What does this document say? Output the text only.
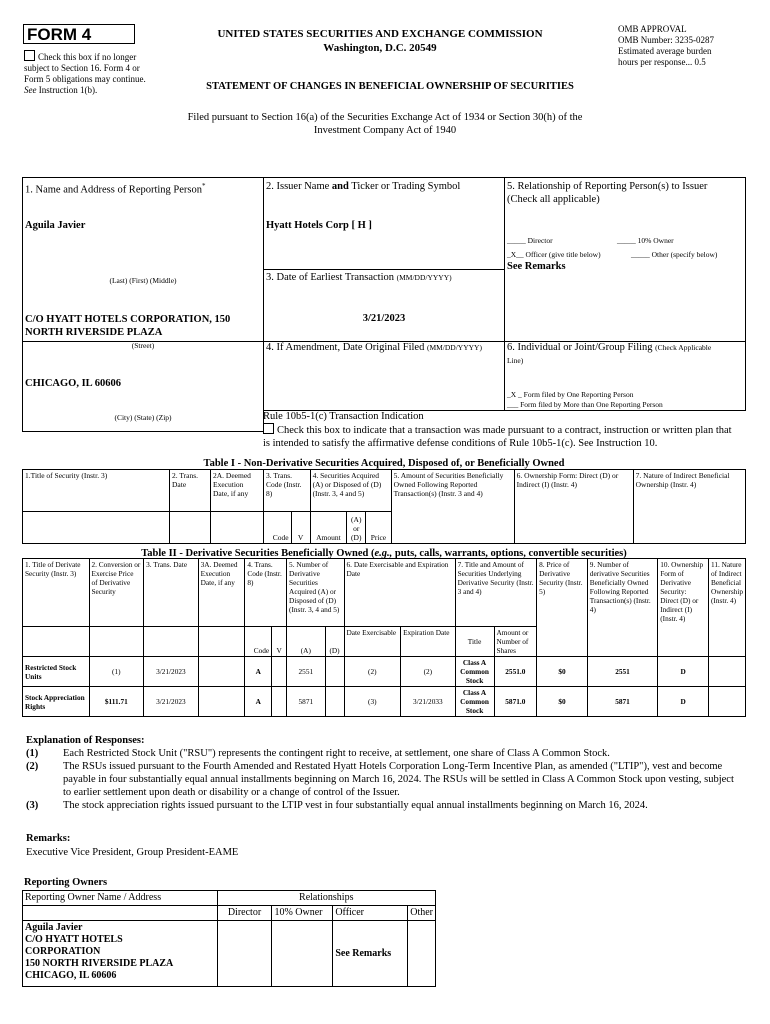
FORM 4
Check this box if no longer subject to Section 16. Form 4 or Form 5 obligations may continue. See Instruction 1(b).
UNITED STATES SECURITIES AND EXCHANGE COMMISSION
Washington, D.C. 20549
OMB APPROVAL
OMB Number: 3235-0287
Estimated average burden
hours per response... 0.5
STATEMENT OF CHANGES IN BENEFICIAL OWNERSHIP OF SECURITIES
Filed pursuant to Section 16(a) of the Securities Exchange Act of 1934 or Section 30(h) of the
Investment Company Act of 1940
1. Name and Address of Reporting Person*
Aguila Javier
(Last) (First) (Middle)
C/O HYATT HOTELS CORPORATION, 150 NORTH RIVERSIDE PLAZA
(Street)
CHICAGO, IL 60606
(City) (State) (Zip)
2. Issuer Name and Ticker or Trading Symbol
Hyatt Hotels Corp [ H ]
3. Date of Earliest Transaction (MM/DD/YYYY)
3/21/2023
4. If Amendment, Date Original Filed (MM/DD/YYYY)
Rule 10b5-1(c) Transaction Indication
Check this box to indicate that a transaction was made pursuant to a contract, instruction or written plan that is intended to satisfy the affirmative defense conditions of Rule 10b5-1(c). See Instruction 10.
5. Relationship of Reporting Person(s) to Issuer
(Check all applicable)
_____ Director	_____ 10% Owner
_X__ Officer (give title below)	_____ Other (specify below)
See Remarks
6. Individual or Joint/Group Filing (Check Applicable
Line)
_X _ Form filed by One Reporting Person
___ Form filed by More than One Reporting Person
Table I - Non-Derivative Securities Acquired, Disposed of, or Beneficially Owned
1.Title of Security (Instr. 3)	2. Trans. Date	2A. Deemed Execution Date, if any	3. Trans. Code (Instr. 8)		4. Securities Acquired (A) or Disposed of (D) (Instr. 3, 4 and 5)			5. Amount of Securities Beneficially Owned Following Reported Transaction(s) (Instr. 3 and 4)	6. Ownership Form: Direct (D) or Indirect (I) (Instr. 4)	7. Nature of Indirect Beneficial Ownership (Instr. 4)
			Code	V	Amount	(A) or (D)	Price			
Table II - Derivative Securities Beneficially Owned (e.g., puts, calls, warrants, options, convertible securities)
1. Title of Derivate Security (Instr. 3)	2. Conversion or Exercise Price of Derivative Security	3. Trans. Date	3A. Deemed Execution Date, if any	4. Trans. Code (Instr. 8)		5. Number of Derivative Securities Acquired (A) or Disposed of (D) (Instr. 3, 4 and 5)		6. Date Exercisable and Expiration Date		7. Title and Amount of Securities Underlying Derivative Security (Instr. 3 and 4)		8. Price of Derivative Security (Instr. 5)	9. Number of derivative Securities Beneficially Owned Following Reported Transaction(s) (Instr. 4)	10. Ownership Form of Derivative Security: Direct (D) or Indirect (I) (Instr. 4)	11. Nature of Indirect Beneficial Ownership (Instr. 4)
				Code	V	(A)	(D)	Date Exercisable	Expiration Date	Title	Amount or Number of Shares				
Restricted Stock Units	(1)	3/21/2023		A		2551		(2)	(2)	Class A Common Stock	2551.0	$0	2551	D	
Stock Appreciation Rights	$111.71	3/21/2023		A		5871		(3)	3/21/2033	Class A Common Stock	5871.0	$0	5871	D	
Explanation of Responses:
(1)	Each Restricted Stock Unit ("RSU") represents the contingent right to receive, at settlement, one share of Class A Common Stock.
(2)	The RSUs issued pursuant to the Fourth Amended and Restated Hyatt Hotels Corporation Long-Term Incentive Plan, as amended ("LTIP"), vest and become payable in four substantially equal annual installments beginning on March 16, 2024. The RSUs will be settled in Class A Common Stock upon vesting, subject to earlier settlement upon death or disability or a change of control of the Issuer.
(3)	The stock appreciation rights issued pursuant to the LTIP vest in four substantially equal annual installments beginning on March 16, 2024.
Remarks:
Executive Vice President, Group President-EAME
Reporting Owners
Reporting Owner Name / Address	Relationships			
	Director	10% Owner	Officer	Other

Aguila Javier
C/O HYATT HOTELS
CORPORATION
150 NORTH RIVERSIDE PLAZA
CHICAGO, IL 60606			See Remarks	
